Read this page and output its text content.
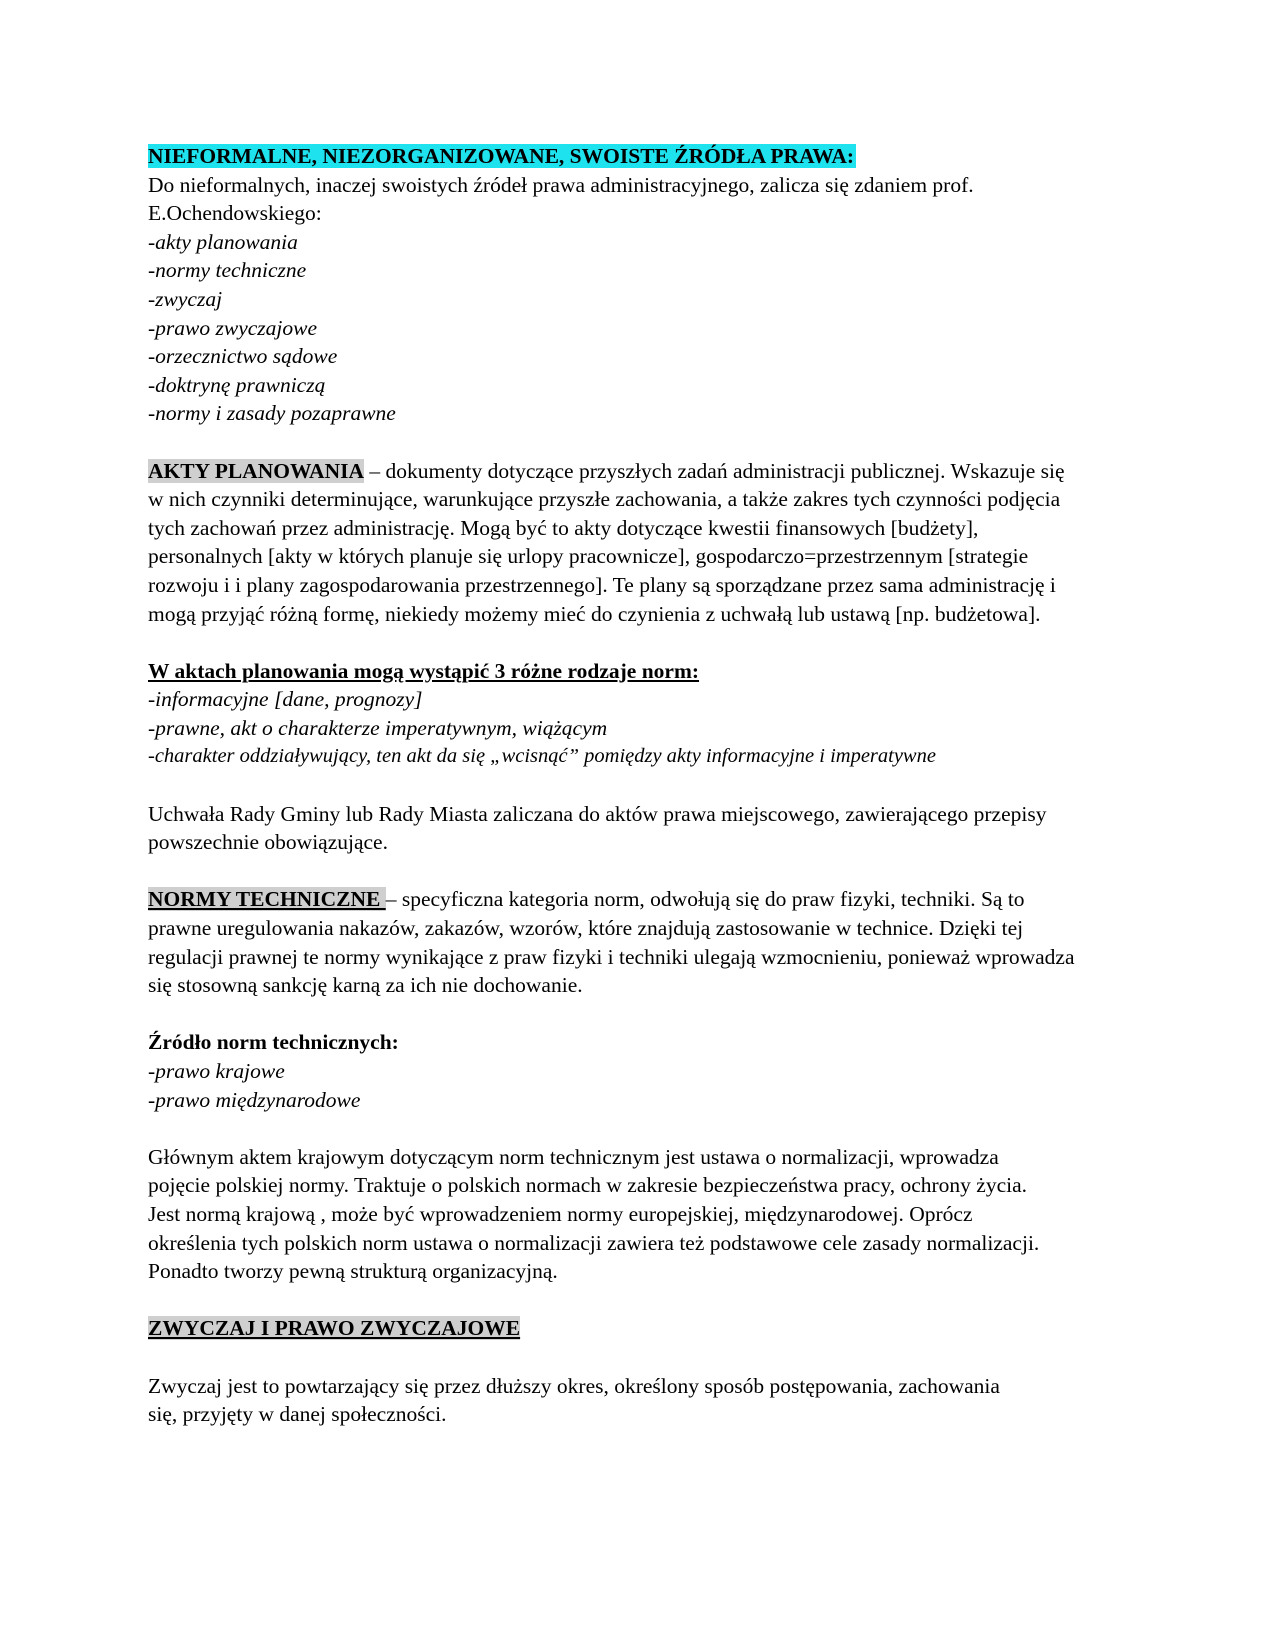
NIEFORMALNE, NIEZORGANIZOWANE, SWOISTE ŹRÓDŁA PRAWA:
Do nieformalnych, inaczej swoistych źródeł prawa administracyjnego, zalicza się zdaniem prof. E.Ochendowskiego:
-akty planowania
-normy techniczne
-zwyczaj
-prawo zwyczajowe
-orzecznictwo sądowe
-doktrynę prawniczą
-normy i zasady pozaprawne
AKTY PLANOWANIA – dokumenty dotyczące przyszłych zadań administracji publicznej. Wskazuje się w nich czynniki determinujące, warunkujące przyszłe zachowania, a także zakres tych czynności podjęcia tych zachowań przez administrację. Mogą być to akty dotyczące kwestii finansowych [budżety], personalnych [akty w których planuje się urlopy pracownicze], gospodarczo=przestrzennym [strategie rozwoju i i plany zagospodarowania przestrzennego]. Te plany są sporządzane przez sama administrację i mogą przyjąć różną formę, niekiedy możemy mieć do czynienia z uchwałą lub ustawą [np. budżetowa].
W aktach planowania mogą wystąpić 3 różne rodzaje norm:
-informacyjne [dane, prognozy]
-prawne, akt o charakterze imperatywnym, wiążącym
-charakter oddziaływujący, ten akt da się „wcisnąć” pomiędzy akty informacyjne i imperatywne
Uchwała Rady Gminy lub Rady Miasta zaliczana do aktów prawa miejscowego, zawierającego przepisy powszechnie obowiązujące.
NORMY TECHNICZNE – specyficzna kategoria norm, odwołują się do praw fizyki, techniki. Są to prawne uregulowania nakazów, zakazów, wzorów, które znajdują zastosowanie w technice. Dzięki tej regulacji prawnej te normy wynikające z praw fizyki i techniki ulegają wzmocnieniu, ponieważ wprowadza się stosowną sankcję karną za ich nie dochowanie.
Źródło norm technicznych:
-prawo krajowe
-prawo międzynarodowe
Głównym aktem krajowym dotyczącym norm technicznym jest ustawa o normalizacji, wprowadza pojęcie polskiej normy. Traktuje o polskich normach w zakresie bezpieczeństwa pracy, ochrony życia. Jest normą krajową , może być wprowadzeniem normy europejskiej, międzynarodowej. Oprócz określenia tych polskich norm ustawa o normalizacji zawiera też podstawowe cele zasady normalizacji. Ponadto tworzy pewną strukturą organizacyjną.
ZWYCZAJ I PRAWO ZWYCZAJOWE
Zwyczaj jest to powtarzający się przez dłuższy okres, określony sposób postępowania, zachowania się, przyjęty w danej społeczności.
